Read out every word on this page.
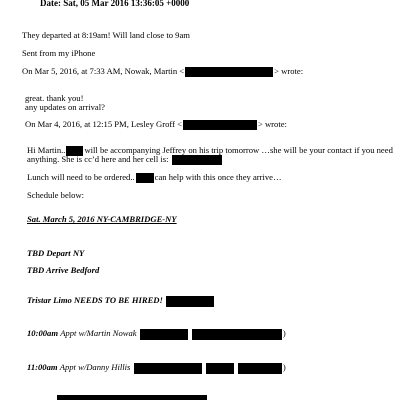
Date: Sat, 05 Mar 2016 13:36:05 +0000
They departed at 8:19am! Will land close to 9am
Sent from my iPhone
On Mar 5, 2016, at 7:33 AM, Nowak, Martin <	> wrote:
great. thank you!
any updates on arrival?
On Mar 4, 2016, at 12:15 PM, Lesley Groff <	> wrote:
Hi Martin.. will be accompanying Jeffrey on his trip tomorrow …she will be your contact if you need
anything. She is cc’d here and her cell is:
Lunch will need to be ordered.. can help with this once they arrive…
Schedule below:
Sat. March 5, 2016 NY-CAMBRIDGE-NY
TBD Depart NY
TBD Arrive Bedford
Tristar Limo NEEDS TO BE HIRED!
10:00am Appt w/Martin Nowak	)
11:00am Appt w/Danny Hillis	)
